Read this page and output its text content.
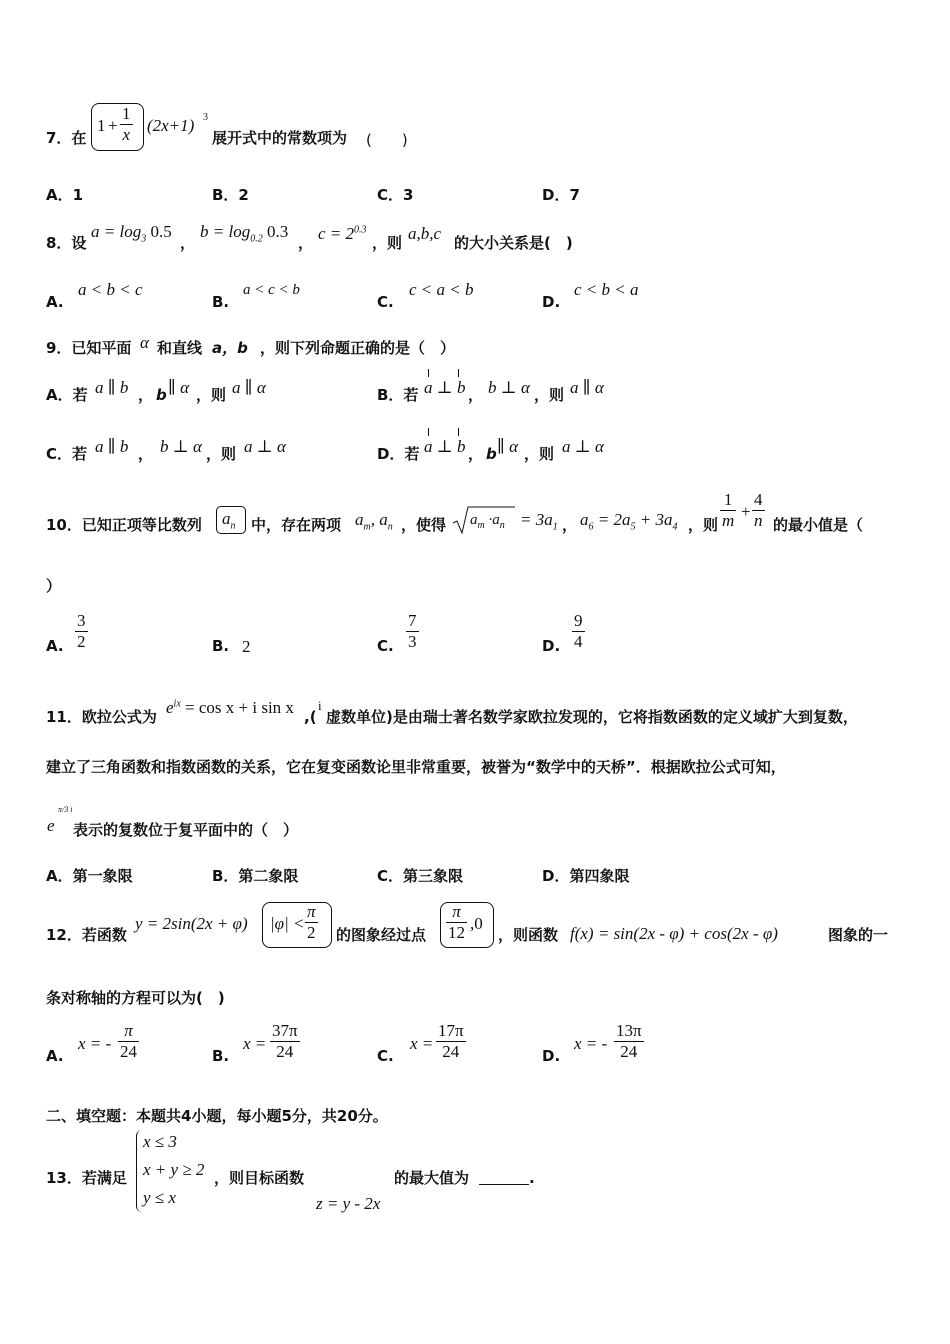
7．在
$1 + \frac{1}{x} (2x+1)$ 3
展开式中的常数项为 (　　)
A．1	B．2	C．3	D．7
8．设
$a = \log_3 0.5$
，
$b = \log_{0.2} 0.3$
， $c = 2^{0.3}$
，则 a,b,c 的大小关系是(　)
A.
a < b < c
B.
a < c < b
C.
c < a < b
D.
c < b < a
9．已知平面 α 和直线 a，b ，则下列命题正确的是（　）
A．若 a ∥ b ， b ∥ α ，则 a ∥ α	B．若 a ⊥ b ， b ⊥ α ，则 a ∥ α
C．若 a ∥ b ， b ⊥ α ，则 a ⊥ α	D．若 a ⊥ b ， b ∥ α ，则 a ⊥ α
10．已知正项等比数列 $a_n$ 中，存在两项 $a_m$, $a_n$ ，使得 $a_m \cdot a_n = 3a_1$ ， $a_6 = 2a_5 + 3a_4$ ，则 $\frac{1}{m} + \frac{4}{n}$ 的最小值是（
）
A. $\frac{3}{2}$	B. 2	C. $\frac{7}{3}$	D. $\frac{9}{4}$
11．欧拉公式为 $e^{ix} = \cos x + i$ sin x ,(
i
虚数单位)是由瑞士著名数学家欧拉发现的，它将指数函数的定义域扩大到复数，
建立了三角函数和指数函数的关系，它在复变函数论里非常重要，被誉为“数学中的天桥”．根据欧拉公式可知，
e
π/3 i
表示的复数位于复平面中的（　）
A．第一象限	B．第二象限	C．第三象限	D．第四象限
12．若函数
y = 2sin(2x + φ) $|\varphi| < \frac{\pi}{2}$ 的图象经过点 $\frac{\pi}{12} ,0$
，则函数 f(x) = sin(2x - φ) + cos(2x - φ)	图象的一
条对称轴的方程可以为(　)
A.
x = - $\frac{\pi}{24}$	B.
$x = \frac{37\pi}{24}$	C.
$x = \frac{17\pi}{24}$	D.
x = - $\frac{13\pi}{24}$
二、填空题：本题共4小题，每小题5分，共20分。
13．若满足
x ≤ 3
x + y ≥ 2
y ≤ x
，则目标函数	的最大值为	.
z = y - 2x
